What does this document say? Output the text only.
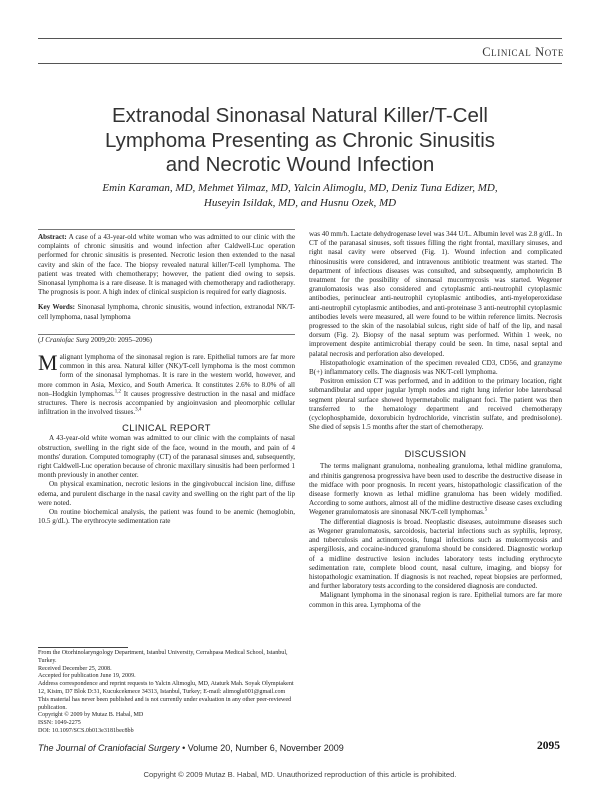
Clinical Note
Extranodal Sinonasal Natural Killer/T-Cell
Lymphoma Presenting as Chronic Sinusitis
and Necrotic Wound Infection
Emin Karaman, MD, Mehmet Yilmaz, MD, Yalcin Alimoglu, MD, Deniz Tuna Edizer, MD,
Huseyin Isildak, MD, and Husnu Ozek, MD

Abstract: A case of a 43-year-old white woman who was admitted to our clinic with the complaints of chronic sinusitis and wound infection after Caldwell-Luc operation performed for chronic sinusitis is presented. Necrotic lesion then extended to the nasal cavity and skin of the face. The biopsy revealed natural killer/T-cell lymphoma. The patient was treated with chemotherapy; however, the patient died owing to sepsis. Sinonasal lymphoma is a rare disease. It is managed with chemotherapy and radiotherapy. The prognosis is poor. A high index of clinical suspicion is required for early diagnosis.

Key Words: Sinonasal lymphoma, chronic sinusitis, wound infection, extranodal NK/T-cell lymphoma, nasal lymphoma

(J Craniofac Surg 2009;20: 2095–2096)

Malignant lymphoma of the sinonasal region is rare. Epithelial tumors are far more common in this area. Natural killer (NK)/T-cell lymphoma is the most common form of the sinonasal lymphomas. It is rare in the western world, however, and more common in Asia, Mexico, and South America. It constitutes 2.6% to 8.0% of all non–Hodgkin lymphomas.$^{1,2}$ It causes progressive destruction in the nasal and midface structures. There is necrosis accompanied by angioinvasion and pleomorphic cellular infiltration in the involved tissues.$^{3,4}$

CLINICAL REPORT

A 43-year-old white woman was admitted to our clinic with the complaints of nasal obstruction, swelling in the right side of the face, wound in the mouth, and pain of 4 months' duration. Computed tomography (CT) of the paranasal sinuses and, subsequently, right Caldwell-Luc operation because of chronic maxillary sinusitis had been performed 1 month previously in another center.

On physical examination, necrotic lesions in the gingivobuccal incision line, diffuse edema, and purulent discharge in the nasal cavity and swelling on the right part of the lip were noted.

On routine biochemical analysis, the patient was found to be anemic (hemoglobin, 10.5 g/dL). The erythrocyte sedimentation rate

From the Otorhinolaryngology Department, Istanbul University, Cerrahpasa Medical School, Istanbul, Turkey.

Received December 25, 2008.

Accepted for publication June 19, 2009.

Address correspondence and reprint requests to Yalcin Alimoglu, MD, Ataturk Mah. Soyak Olympiakent 12, Kisim, D7 Blok D:31, Kucukcekmece 34313, Istanbul, Turkey; E-mail: alimoglu001@gmail.com

This material has never been published and is not currently under evaluation in any other peer-reviewed publication.

Copyright © 2009 by Mutaz B. Habal, MD

ISSN: 1049-2275

DOI: 10.1097/SCS.0b013e3181bec8bb

was 40 mm/h. Lactate dehydrogenase level was 344 U/L. Albumin level was 2.8 g/dL. In CT of the paranasal sinuses, soft tissues filling the right frontal, maxillary sinuses, and right nasal cavity were observed (Fig. 1). Wound infection and complicated rhinosinusitis were considered, and intravenous antibiotic treatment was started. The department of infectious diseases was consulted, and subsequently, amphotericin B treatment for the possibility of sinonasal mucormycosis was started. Wegener granulomatosis was also considered and cytoplasmic anti-neutrophil cytoplasmic antibodies, perinuclear anti-neutrophil cytoplasmic antibodies, anti-myeloperoxidase anti-neutrophil cytoplasmic antibodies, and anti-proteinase 3 anti-neutrophil cytoplasmic antibodies levels were measured, all were found to be within reference limits. Necrosis progressed to the skin of the nasolabial sulcus, right side of half of the lip, and nasal dorsum (Fig. 2). Biopsy of the nasal septum was performed. Within 1 week, no improvement despite antimicrobial therapy could be seen. In time, nasal septal and palatal necrosis and perforation also developed.

Histopathologic examination of the specimen revealed CD3, CD56, and granzyme B(+) inflammatory cells. The diagnosis was NK/T-cell lymphoma.

Positron emission CT was performed, and in addition to the primary location, right submandibular and upper jugular lymph nodes and right lung inferior lobe laterobasal segment pleural surface showed hypermetabolic malignant foci. The patient was then transferred to the hematology department and received chemotherapy (cyclophosphamide, doxorubicin hydrochloride, vincristin sulfate, and prednisolone). She died of sepsis 1.5 months after the start of chemotherapy.

DISCUSSION

The terms malignant granuloma, nonhealing granuloma, lethal midline granuloma, and rhinitis gangrenosa progressiva have been used to describe the destructive disease in the midface with poor prognosis. In recent years, histopathologic classification of the disease formerly known as lethal midline granuloma has been widely modified. According to some authors, almost all of the midline destructive disease cases excluding Wegener granulomatosis are sinonasal NK/T-cell lymphomas.$^5$

The differential diagnosis is broad. Neoplastic diseases, autoimmune diseases such as Wegener granulomatosis, sarcoidosis, bacterial infections such as syphilis, leprosy, and tuberculosis and actinomycosis, fungal infections such as mukormycosis and aspergillosis, and cocaine-induced granuloma should be considered. Diagnostic workup of a midline destructive lesion includes laboratory tests including erythrocyte sedimentation rate, complete blood count, nasal culture, imaging, and biopsy for histopathologic examination. If diagnosis is not reached, repeat biopsies are performed, and further laboratory tests according to the considered diagnosis are conducted.

Malignant lymphoma in the sinonasal region is rare. Epithelial tumors are far more common in this area. Lymphoma of the

The Journal of Craniofacial Surgery • Volume 20, Number 6, November 2009	2095
Copyright © 2009 Mutaz B. Habal, MD. Unauthorized reproduction of this article is prohibited.
